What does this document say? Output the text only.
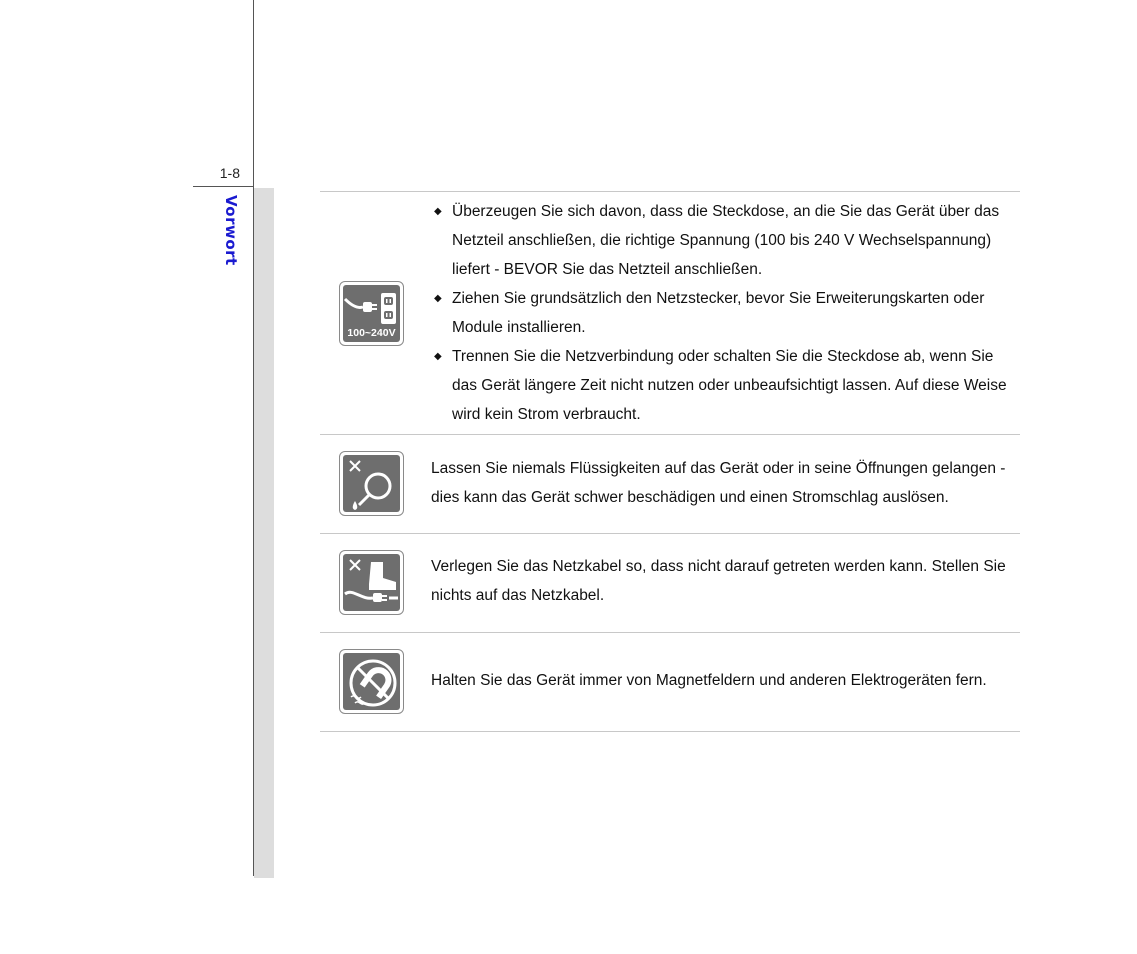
1-8
Vorwort
100~240V
◆ Überzeugen Sie sich davon, dass die Steckdose, an die Sie das Gerät über das Netzteil anschließen, die richtige Spannung (100 bis 240 V Wechselspannung) liefert - BEVOR Sie das Netzteil anschließen.
◆ Ziehen Sie grundsätzlich den Netzstecker, bevor Sie Erweiterungskarten oder Module installieren.
◆ Trennen Sie die Netzverbindung oder schalten Sie die Steckdose ab, wenn Sie das Gerät längere Zeit nicht nutzen oder unbeaufsichtigt lassen. Auf diese Weise wird kein Strom verbraucht.
Lassen Sie niemals Flüssigkeiten auf das Gerät oder in seine Öffnungen gelangen - dies kann das Gerät schwer beschädigen und einen Stromschlag auslösen.
Verlegen Sie das Netzkabel so, dass nicht darauf getreten werden kann. Stellen Sie nichts auf das Netzkabel.
Halten Sie das Gerät immer von Magnetfeldern und anderen Elektrogeräten fern.
